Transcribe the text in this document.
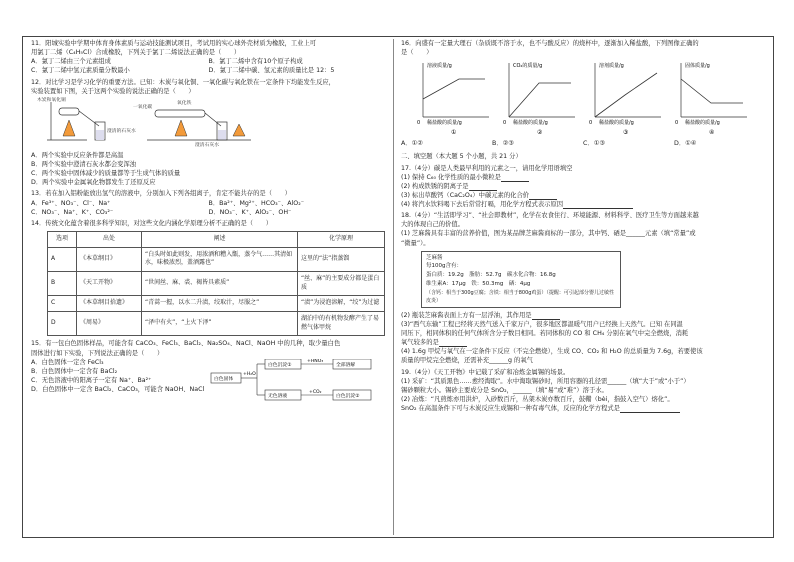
11．阳城实验中学期中体育身体素质与运动技能测试项目，考试用的实心球外壳材质为橡胶，工业上可

用氯丁二烯（C₄H₅Cl）合成橡胶，下列关于氯丁二烯说法正确的是（　　）

A．氯丁二烯由三个元素组成	B．氯丁二烯中含有10个原子构成
C．氯丁二烯中氢元素质量分数最小	D．氯丁二烯中碳、氢元素的质量比是 12：5

12．对比学习是学习化学的重要方法。已知：木炭与氧化铜、一氧化碳与氧化铁在一定条件下均能发生反应，

实验装置如下图，关于这两个实验的说法正确的是（　　）

木炭和氧化铜
澄清的石灰水
一氧化碳
氧化铁
澄清石灰水

A．两个实验中反应条件都是高温

B．两个实验中澄清石灰水都会变浑浊

C．两个实验中固体减少的质量都等于生成气体的质量

D．两个实验中金属氧化物都发生了还原反应

13．若在加入铝粉能放出氢气的溶液中，分别加入下列各组离子，肯定不能共存的是（　　）

A．Fe³⁺、NO₃⁻、Cl⁻、Na⁺	B．Ba²⁺、Mg²⁺、HCO₃⁻、AlO₂⁻
C．NO₃⁻、Na⁺、K⁺、CO₃²⁻	D．NO₃⁻、K⁺、AlO₂⁻、OH⁻

14．传统文化蕴含着很多科学知识，对这些文化内涵化学原理分析不正确的是（　　）

选项	出处	阐述	化学原理
A	《本草纲目》	“白头时如此则发，用浓酒和糟入甑，蒸令气……其清如水，味极浓烈，盖酒露也”	这里的“法”指蒸馏
B	《天工开物》	“世间丝、麻、裘、褐皆具素质”	“丝、麻”的主要成分都是蛋白质
C	《本草纲目拾遗》	“青蒿一握，以水二升渍，绞取汁，尽服之”	“渍”为浸泡溶解，“绞”为过滤
D	《周易》	“泽中有火”，“上火下泽”	湖泊中的有机物发酵产生了易燃气体甲烷

15．有一包白色固体样品，可能含有 CaCO₃、FeCl₃、BaCl₂、Na₂SO₄、NaCl、NaOH 中的几种，取少量白色

固体进行如下实验，下列说法正确的是（　　）

A．白色固体一定含 FeCl₃

B．白色固体中一定含有 BaCl₂

C．无色溶液中的阳离子一定有 Na⁺、Ba²⁺

D．白色固体中一定含 BaCl₂、CaCO₃，可能含 NaOH、NaCl

白色固体
+H₂O
白色沉淀①
+HNO₃
全部溶解
无色溶液
+CO₂
白色沉淀②

16．向盛有一定量大理石（杂质既不溶于水，也不与酸反应）的烧杯中，逐渐加入稀盐酸，下列图像正确的

是（　　）

溶液质量/g
0 稀盐酸的质量/g
①
CO₂的质量/g
0 稀盐酸的质量/g
②
溶剂质量/g
0 稀盐酸的质量/g
③
固体质量/g
0 稀盐酸的质量/g
④
A．①②	B．②③	C．①③	D．①④

二、填空题（本大题 5 个小题，共 21 分）

17.（4分）碳是人类最早利用的元素之一，请用化学用语填空

(1) 保持 C₆₀ 化学性质的最小微粒是

(2) 构成铁锈的阴离子是

(3) 标出草酸钙（CaC₂O₄）中碳元素的化合价

(4) 将汽水饮料喝下去后常常打嗝，用化学方程式表示原因

18.（4分）“生活即学习”、“社会即教材”，化学在农食住行、环境能源、材料科学、医疗卫生等方面越来越

大的体现自己的价值。

(1) 芝麻酱具有丰富的营养价值，图为某品牌芝麻酱商标的一部分，其中钙、硒是______元素（填“常量”或

“微量”）。

芝麻酱

每100g含有：

蛋白质：19.2g　脂肪：52.7g　碳水化合物：16.8g

维生素A：17μg　铁：50.3mg　硒：4μg

（含钙：相当于300g豆腐；含铁：相当于800g鸡蛋）（提醒：可引起部分婴儿过敏性皮炎）

(2) 瓶装芝麻酱表面上方有一层浮油，其作用是

(3)“西气东输”工程已经将天然气送入千家万户，很多地区都温暖气用户已经换上天然气。已知 在同温

同压下，相同体积的任何气体所含分子数目相同。若同体积的 CO 和 CH₄ 分别在氧气中完全燃烧，消耗

氧气较多的是

(4) 1.6g 甲烷与氧气在一定条件下反应（不完全燃烧），生成 CO、CO₂ 和 H₂O 的总质量为 7.6g，若要使该

质量的甲烷完全燃烧，还需补充______g 的氧气

19.（4分）《天工开物》中记载了采矿和冶炼金属锡的场景。

(1) 采矿：“其质黑色……愈经淘取”。水中淘取锡砂时，所用容器的孔径需______（填“大于”或“小于”）

锡砂颗粒大小。锡砂主要成分是 SnO₂，______（填“易”或“难”）溶于水。

(2) 冶炼：“凡煎炼亦用洪炉，入砂数百斤，丛架木炭亦数百斤，鼓鞴（bèi，指鼓入空气）熔化”。

SnO₂ 在高温条件下可与木炭反应生成锡和一种有毒气体，反应的化学方程式是
